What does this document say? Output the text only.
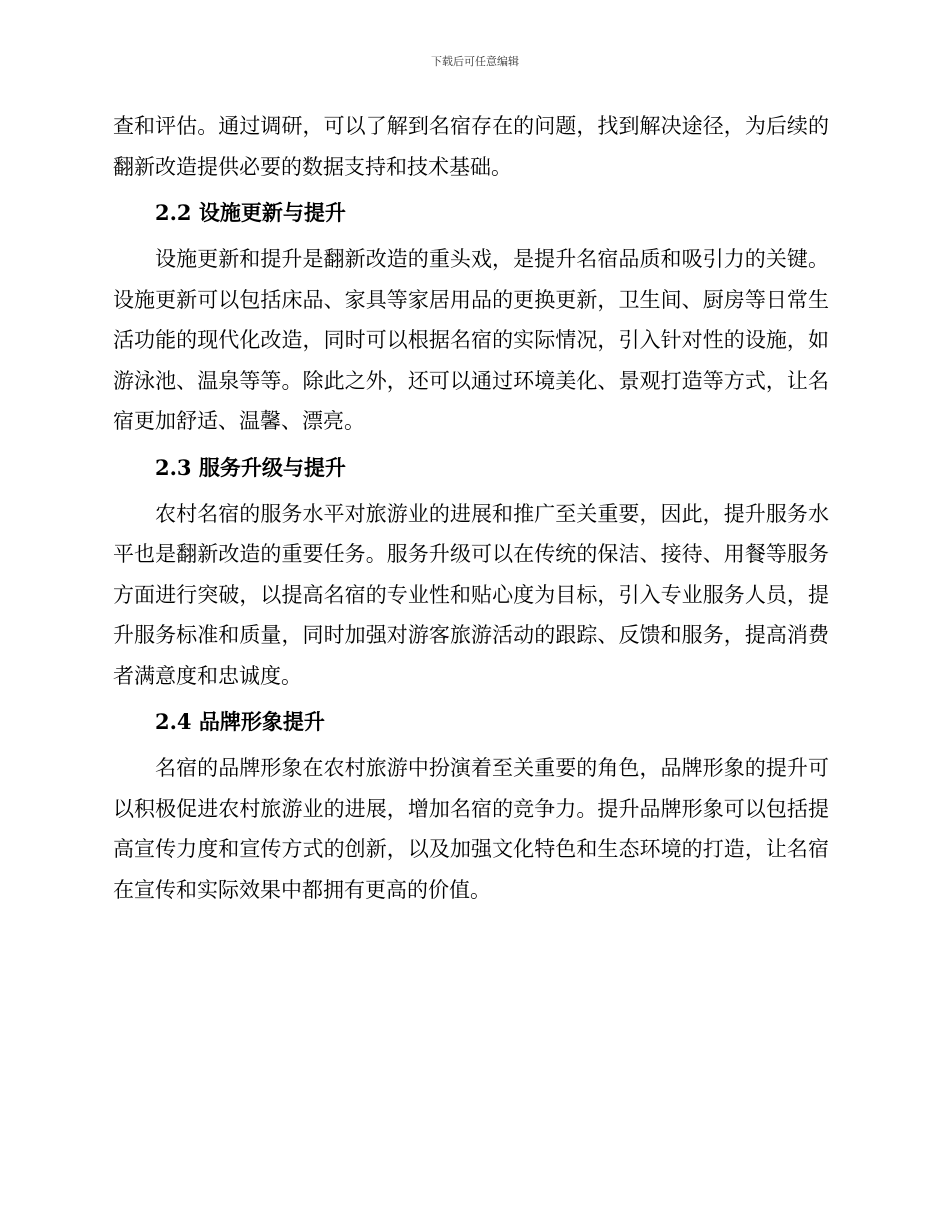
下载后可任意编辑

查和评估。通过调研，可以了解到名宿存在的问题，找到解决途径，为后续的翻新改造提供必要的数据支持和技术基础。

2.2 设施更新与提升

设施更新和提升是翻新改造的重头戏，是提升名宿品质和吸引力的关键。设施更新可以包括床品、家具等家居用品的更换更新，卫生间、厨房等日常生活功能的现代化改造，同时可以根据名宿的实际情况，引入针对性的设施，如游泳池、温泉等等。除此之外，还可以通过环境美化、景观打造等方式，让名宿更加舒适、温馨、漂亮。

2.3 服务升级与提升

农村名宿的服务水平对旅游业的进展和推广至关重要，因此，提升服务水平也是翻新改造的重要任务。服务升级可以在传统的保洁、接待、用餐等服务方面进行突破，以提高名宿的专业性和贴心度为目标，引入专业服务人员，提升服务标准和质量，同时加强对游客旅游活动的跟踪、反馈和服务，提高消费者满意度和忠诚度。

2.4 品牌形象提升

名宿的品牌形象在农村旅游中扮演着至关重要的角色，品牌形象的提升可以积极促进农村旅游业的进展，增加名宿的竞争力。提升品牌形象可以包括提高宣传力度和宣传方式的创新，以及加强文化特色和生态环境的打造，让名宿在宣传和实际效果中都拥有更高的价值。
